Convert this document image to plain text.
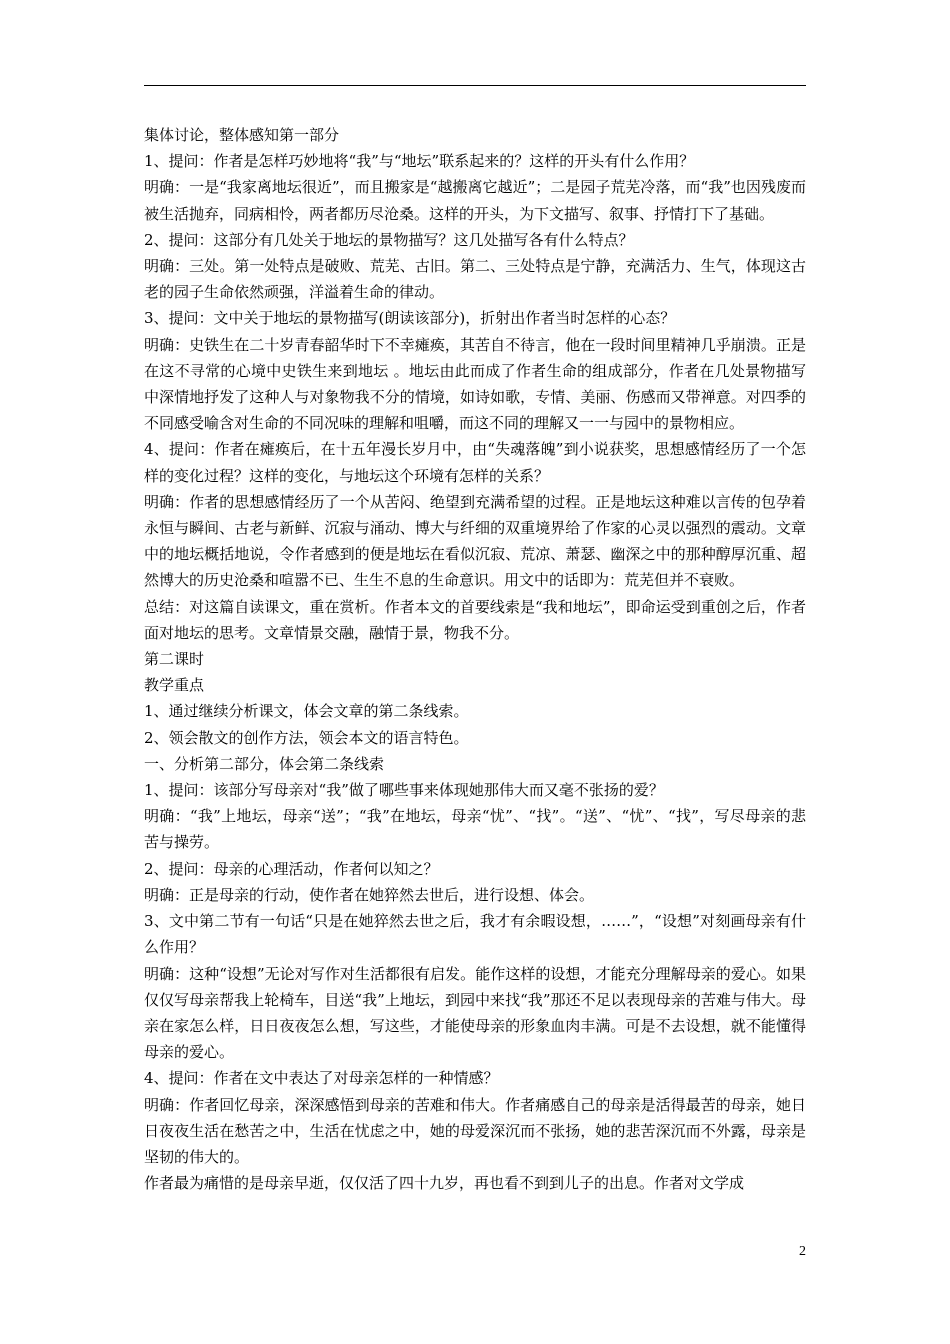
集体讨论，整体感知第一部分

1、提问：作者是怎样巧妙地将“我”与“地坛”联系起来的？这样的开头有什么作用？

明确：一是“我家离地坛很近”，而且搬家是“越搬离它越近”；二是园子荒芜冷落，而“我”也因残废而被生活抛弃，同病相怜，两者都历尽沧桑。这样的开头，为下文描写、叙事、抒情打下了基础。

2、提问：这部分有几处关于地坛的景物描写？这几处描写各有什么特点？

明确：三处。第一处特点是破败、荒芜、古旧。第二、三处特点是宁静，充满活力、生气，体现这古老的园子生命依然顽强，洋溢着生命的律动。

3、提问：文中关于地坛的景物描写(朗读该部分)，折射出作者当时怎样的心态？

明确：史铁生在二十岁青春韶华时下不幸瘫痪，其苦自不待言，他在一段时间里精神几乎崩溃。正是在这不寻常的心境中史铁生来到地坛 。地坛由此而成了作者生命的组成部分，作者在几处景物描写中深情地抒发了这种人与对象物我不分的情境，如诗如歌，专情、美丽、伤感而又带禅意。对四季的不同感受喻含对生命的不同况味的理解和咀嚼，而这不同的理解又一一与园中的景物相应。

4、提问：作者在瘫痪后，在十五年漫长岁月中，由“失魂落魄”到小说获奖，思想感情经历了一个怎样的变化过程？这样的变化，与地坛这个环境有怎样的关系？

明确：作者的思想感情经历了一个从苦闷、绝望到充满希望的过程。正是地坛这种难以言传的包孕着永恒与瞬间、古老与新鲜、沉寂与涌动、博大与纤细的双重境界给了作家的心灵以强烈的震动。文章中的地坛概括地说，令作者感到的便是地坛在看似沉寂、荒凉、萧瑟、幽深之中的那种醇厚沉重、超然博大的历史沧桑和喧嚣不已、生生不息的生命意识。用文中的话即为：荒芜但并不衰败。

总结：对这篇自读课文，重在赏析。作者本文的首要线索是“我和地坛”，即命运受到重创之后，作者面对地坛的思考。文章情景交融，融情于景，物我不分。

第二课时

教学重点

1、通过继续分析课文，体会文章的第二条线索。

2、领会散文的创作方法，领会本文的语言特色。

一、分析第二部分，体会第二条线索

1、提问：该部分写母亲对“我”做了哪些事来体现她那伟大而又毫不张扬的爱？

明确：“我”上地坛，母亲“送”；“我”在地坛，母亲“忧”、“找”。“送”、“忧”、“找”，写尽母亲的悲苦与操劳。

2、提问：母亲的心理活动，作者何以知之？

明确：正是母亲的行动，使作者在她猝然去世后，进行设想、体会。

3、文中第二节有一句话“只是在她猝然去世之后，我才有余暇设想，……”，“设想”对刻画母亲有什么作用？

明确：这种“设想”无论对写作对生活都很有启发。能作这样的设想，才能充分理解母亲的爱心。如果仅仅写母亲帮我上轮椅车，目送“我”上地坛，到园中来找“我”那还不足以表现母亲的苦难与伟大。母亲在家怎么样，日日夜夜怎么想，写这些，才能使母亲的形象血肉丰满。可是不去设想，就不能懂得母亲的爱心。

4、提问：作者在文中表达了对母亲怎样的一种情感？

明确：作者回忆母亲，深深感悟到母亲的苦难和伟大。作者痛感自己的母亲是活得最苦的母亲，她日日夜夜生活在愁苦之中，生活在忧虑之中，她的母爱深沉而不张扬，她的悲苦深沉而不外露，母亲是坚韧的伟大的。

作者最为痛惜的是母亲早逝，仅仅活了四十九岁，再也看不到到儿子的出息。作者对文学成

2
